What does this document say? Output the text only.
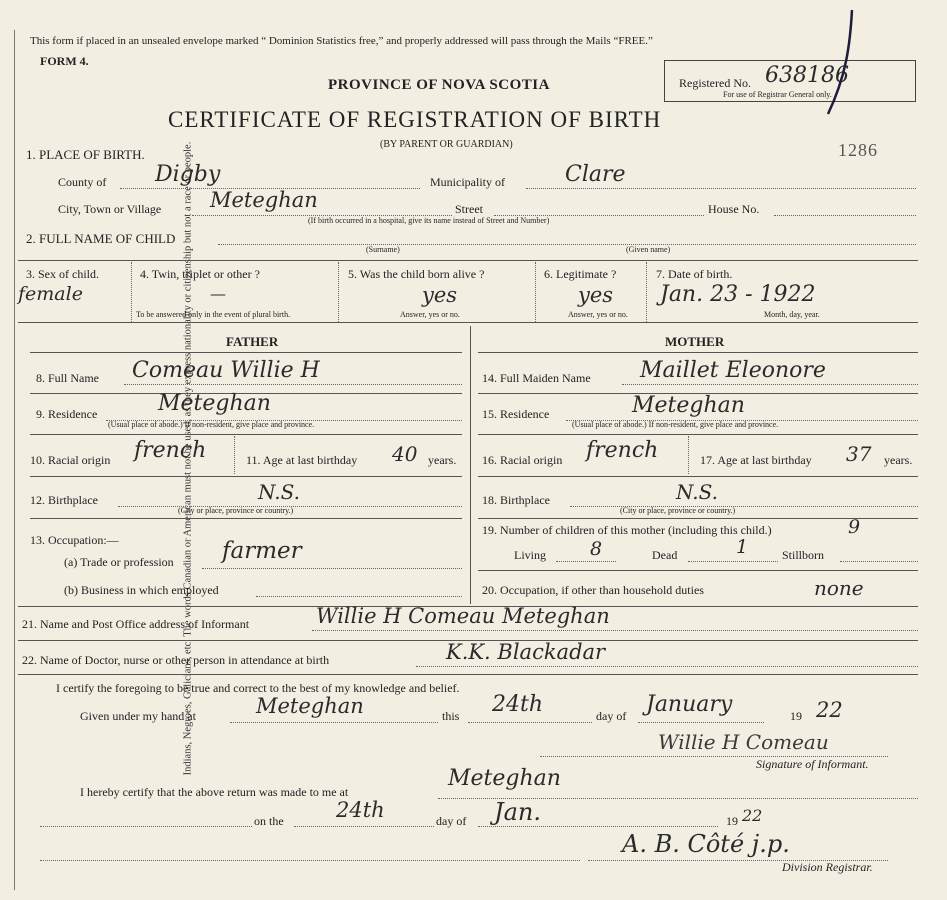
Indians, Negroes, Galicians, etc. The words Canadian or American must not be used, as they express nationality or citizenship but not a race or people.
This form if placed in an unsealed envelope marked “ Dominion Statistics free,” and properly addressed will pass through the Mails “FREE.”
FORM 4.
PROVINCE OF NOVA SCOTIA
CERTIFICATE OF REGISTRATION OF BIRTH
(BY PARENT OR GUARDIAN)
Registered No. 638186
For use of Registrar General only.
1286
1. PLACE OF BIRTH.
County of Digby	Municipality of	Clare
City, Town or Village Meteghan	Street	House No.
(If birth occurred in a hospital, give its name instead of Street and Number)
2. FULL NAME OF CHILD
(Surname)	(Given name)
3. Sex of child.
female
4. Twin, triplet or other ?
—
To be answered only in the event of plural birth.
5. Was the child born alive ?
yes
Answer, yes or no.
6. Legitimate ?
yes
Answer, yes or no.
7. Date of birth.
Jan. 23 - 1922
Month, day, year.
FATHER	MOTHER
8. Full Name Comeau Willie H
9. Residence	Meteghan
(Usual place of abode.) If non-resident, give place and province.
10. Racial origin french	11. Age at last birthday 40 years.
12. Birthplace	N.S.
(City or place, province or country.)
13. Occupation:—
(a) Trade or profession farmer
(b) Business in which employed
14. Full Maiden Name Maillet Eleonore
15. Residence	Meteghan
(Usual place of abode.) If non-resident, give place and province.
16. Racial origin french	17. Age at last birthday 37 years.
18. Birthplace	N.S.
(City or place, province or country.)
19. Number of children of this mother (including this child.)	9
Living 8	Dead	1	Stillborn
20. Occupation, if other than household duties	none
21. Name and Post Office address of Informant	Willie H Comeau Meteghan
22. Name of Doctor, nurse or other person in attendance at birth	K.K. Blackadar
I certify the foregoing to be true and correct to the best of my knowledge and belief.
Given under my hand at	Meteghan	this 24th	day of January	19 22
Willie H Comeau
Signature of Informant.
I hereby certify that the above return was made to me at
Meteghan
on the 24th	day of Jan.	19 22
A. B. Côté j.p.
Division Registrar.
